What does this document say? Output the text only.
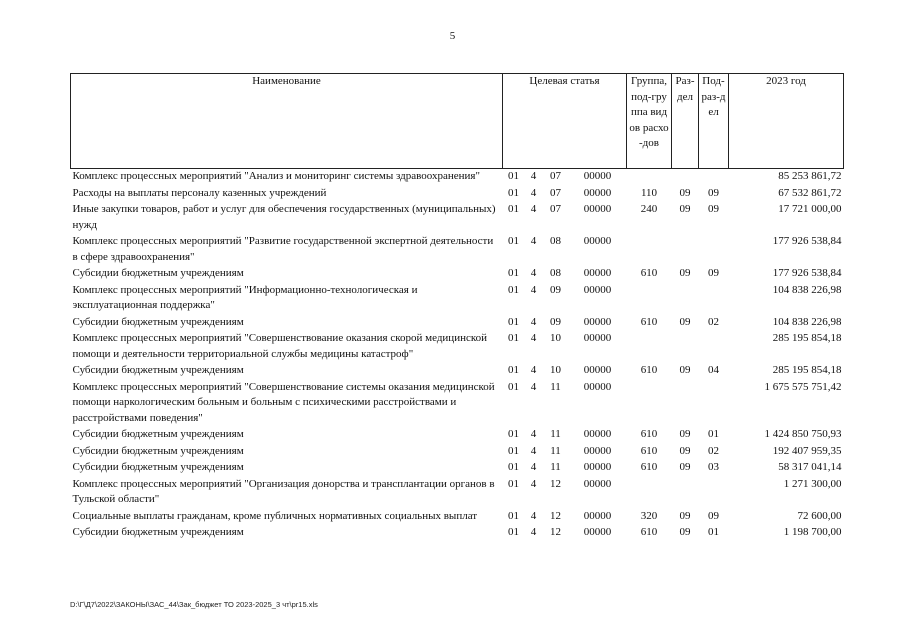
5
Наименование	Целевая статья				Группа, под-группа видов расхо-дов	Раз-дел	Под-раз-дел	2023 год
Комплекс процессных мероприятий "Анализ и мониторинг системы здравоохранения"	01	4	07	00000				85 253 861,72
Расходы на выплаты персоналу казенных учреждений	01	4	07	00000	110	09	09	67 532 861,72
Иные закупки товаров, работ и услуг для обеспечения государственных (муниципальных) нужд	01	4	07	00000	240	09	09	17 721 000,00
Комплекс процессных мероприятий "Развитие государственной экспертной деятельности в сфере здравоохранения"	01	4	08	00000				177 926 538,84
Субсидии бюджетным учреждениям	01	4	08	00000	610	09	09	177 926 538,84
Комплекс процессных мероприятий "Информационно-технологическая и эксплуатационная поддержка"	01	4	09	00000				104 838 226,98
Субсидии бюджетным учреждениям	01	4	09	00000	610	09	02	104 838 226,98
Комплекс процессных мероприятий "Совершенствование оказания скорой медицинской помощи и деятельности территориальной службы медицины катастроф"	01	4	10	00000				285 195 854,18
Субсидии бюджетным учреждениям	01	4	10	00000	610	09	04	285 195 854,18
Комплекс процессных мероприятий "Совершенствование системы оказания медицинской помощи наркологическим больным и больным с психическими расстройствами и расстройствами поведения"	01	4	11	00000				1 675 575 751,42
Субсидии бюджетным учреждениям	01	4	11	00000	610	09	01	1 424 850 750,93
Субсидии бюджетным учреждениям	01	4	11	00000	610	09	02	192 407 959,35
Субсидии бюджетным учреждениям	01	4	11	00000	610	09	03	58 317 041,14
Комплекс процессных мероприятий "Организация донорства и трансплантации органов в Тульской области"	01	4	12	00000				1 271 300,00
Социальные выплаты гражданам, кроме публичных нормативных социальных выплат	01	4	12	00000	320	09	09	72 600,00
Субсидии бюджетным учреждениям	01	4	12	00000	610	09	01	1 198 700,00
D:\Г\Д7\2022\ЗАКОНЫ\ЗАС_44\Зак_бюджет ТО 2023-2025_3 чт\pr15.xls
